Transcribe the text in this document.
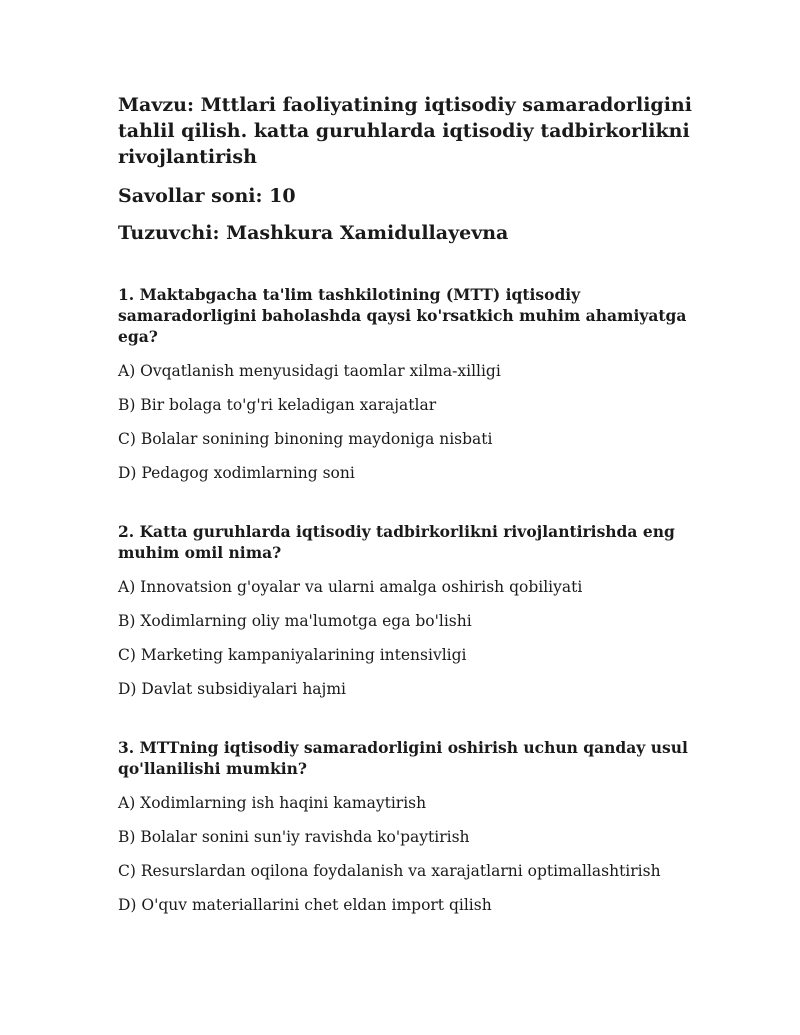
Mavzu: Mttlari faoliyatining iqtisodiy samaradorligini tahlil qilish. katta guruhlarda iqtisodiy tadbirkorlikni rivojlantirish
Savollar soni: 10
Tuzuvchi: Mashkura Xamidullayevna
1. Maktabgacha ta'lim tashkilotining (MTT) iqtisodiy samaradorligini baholashda qaysi ko'rsatkich muhim ahamiyatga ega?
A) Ovqatlanish menyusidagi taomlar xilma-xilligi
B) Bir bolaga to'g'ri keladigan xarajatlar
C) Bolalar sonining binoning maydoniga nisbati
D) Pedagog xodimlarning soni
2. Katta guruhlarda iqtisodiy tadbirkorlikni rivojlantirishda eng muhim omil nima?
A) Innovatsion g'oyalar va ularni amalga oshirish qobiliyati
B) Xodimlarning oliy ma'lumotga ega bo'lishi
C) Marketing kampaniyalarining intensivligi
D) Davlat subsidiyalari hajmi
3. MTTning iqtisodiy samaradorligini oshirish uchun qanday usul qo'llanilishi mumkin?
A) Xodimlarning ish haqini kamaytirish
B) Bolalar sonini sun'iy ravishda ko'paytirish
C) Resurslardan oqilona foydalanish va xarajatlarni optimallashtirish
D) O'quv materiallarini chet eldan import qilish
